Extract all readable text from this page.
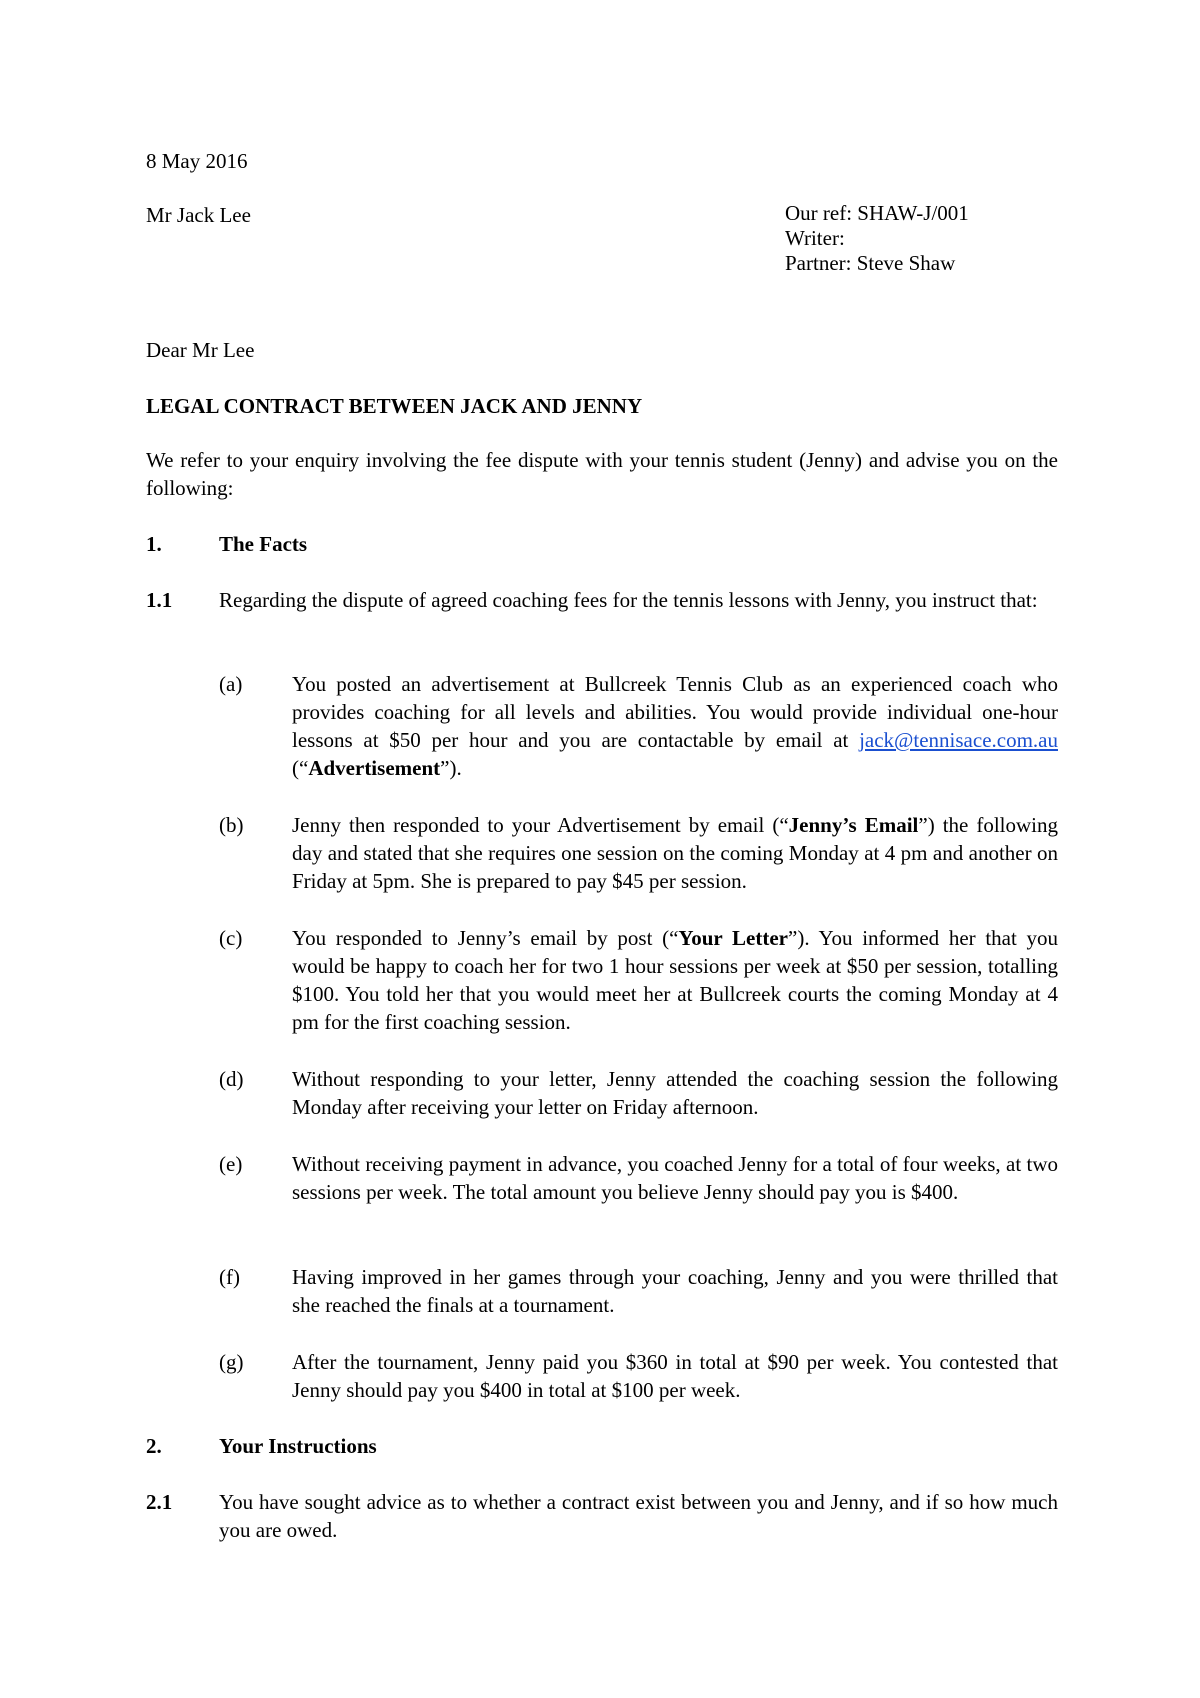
8 May 2016
Mr Jack Lee	Our ref: SHAW-J/001
Writer:
Partner: Steve Shaw
Dear Mr Lee
LEGAL CONTRACT BETWEEN JACK AND JENNY
We refer to your enquiry involving the fee dispute with your tennis student (Jenny) and advise you on the following:
1.	The Facts
1.1 Regarding the dispute of agreed coaching fees for the tennis lessons with Jenny, you instruct that:
(a) You posted an advertisement at Bullcreek Tennis Club as an experienced coach who provides coaching for all levels and abilities. You would provide individual one-hour lessons at $50 per hour and you are contactable by email at jack@tennisace.com.au (“Advertisement”).
(b) Jenny then responded to your Advertisement by email (“Jenny’s Email”) the following day and stated that she requires one session on the coming Monday at 4 pm and another on Friday at 5pm. She is prepared to pay $45 per session.
(c) You responded to Jenny’s email by post (“Your Letter”). You informed her that you would be happy to coach her for two 1 hour sessions per week at $50 per session, totalling $100. You told her that you would meet her at Bullcreek courts the coming Monday at 4 pm for the first coaching session.
(d) Without responding to your letter, Jenny attended the coaching session the following Monday after receiving your letter on Friday afternoon.
(e) Without receiving payment in advance, you coached Jenny for a total of four weeks, at two sessions per week. The total amount you believe Jenny should pay you is $400.
(f) Having improved in her games through your coaching, Jenny and you were thrilled that she reached the finals at a tournament.
(g) After the tournament, Jenny paid you $360 in total at $90 per week. You contested that Jenny should pay you $400 in total at $100 per week.
2.	Your Instructions
2.1 You have sought advice as to whether a contract exist between you and Jenny, and if so how much you are owed.
